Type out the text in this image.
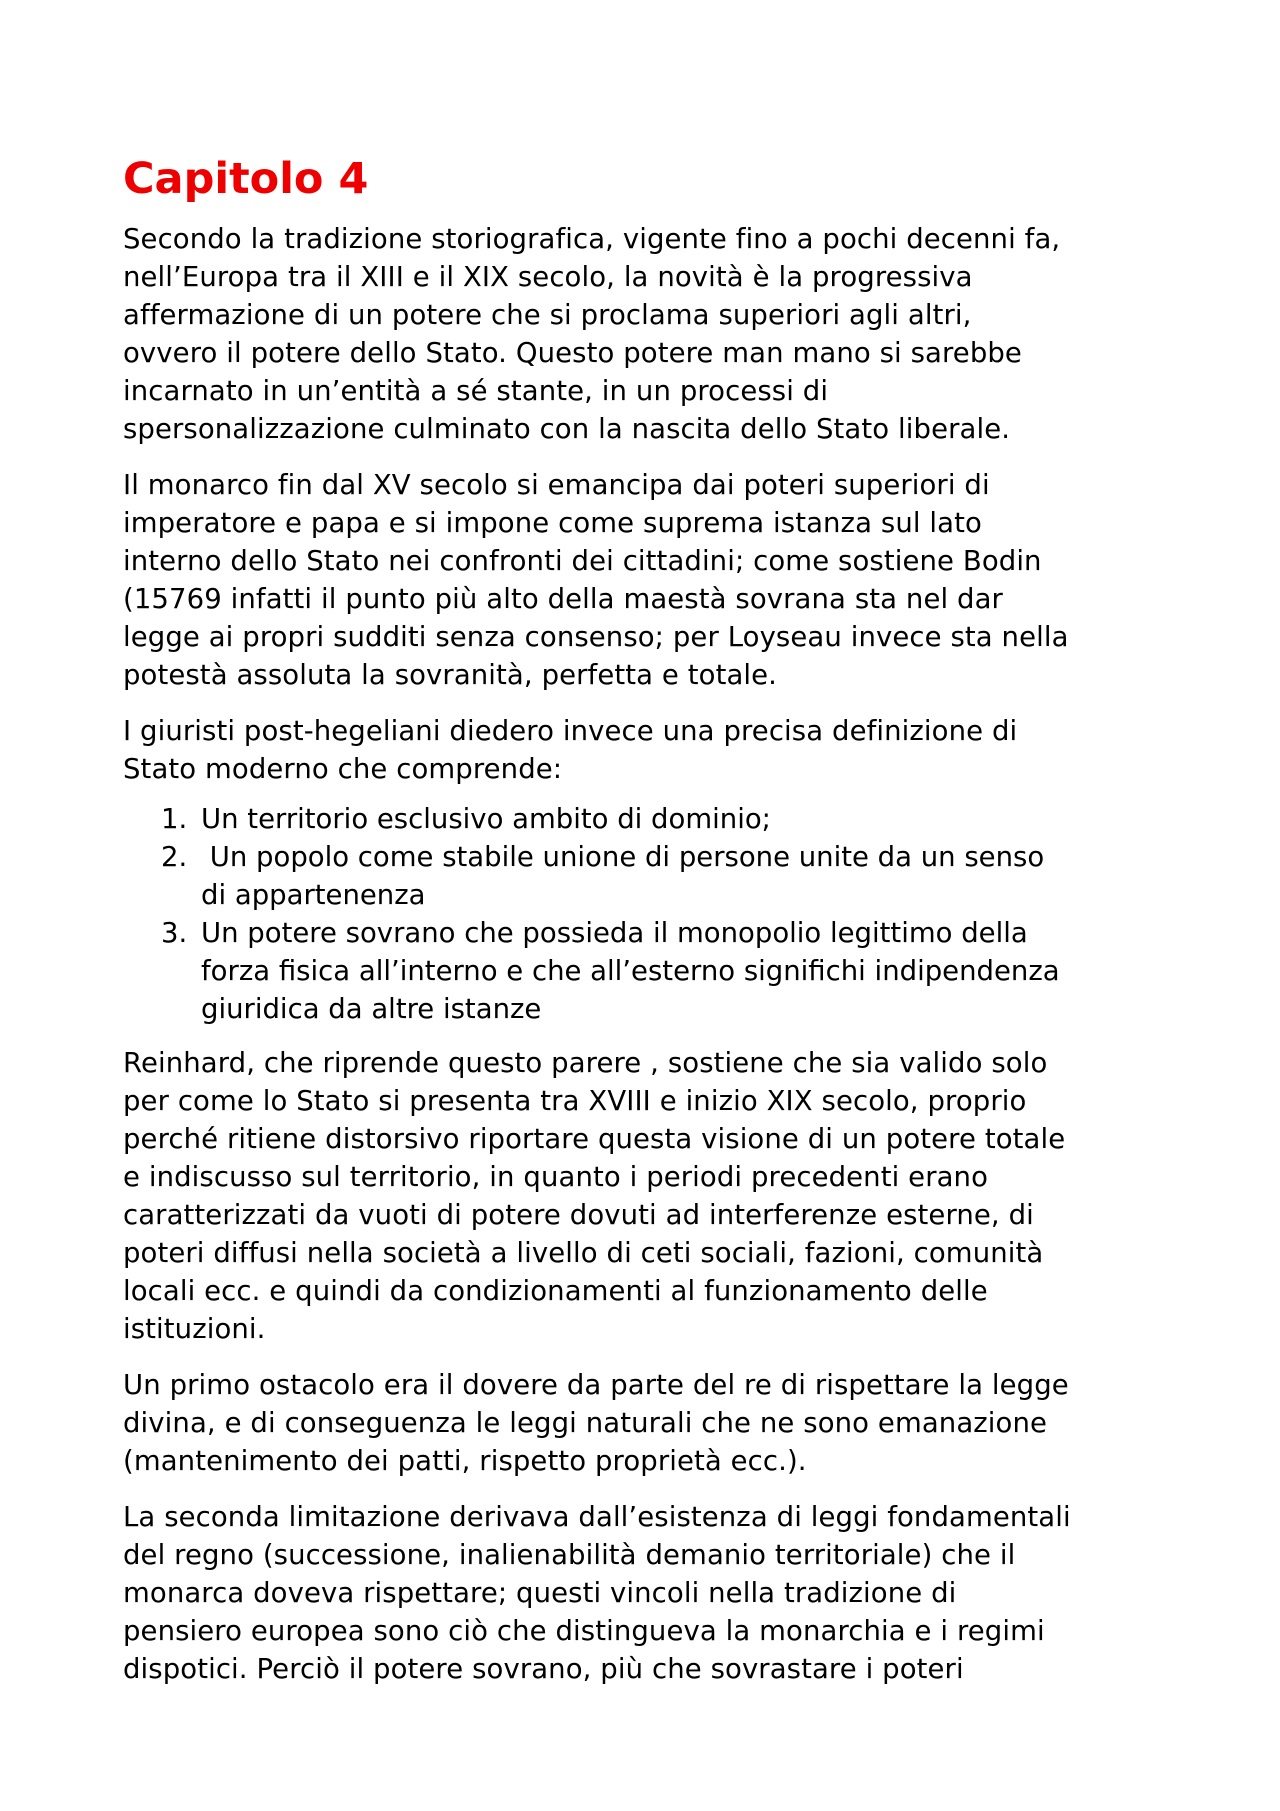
Capitolo 4

Secondo la tradizione storiografica, vigente fino a pochi decenni fa,
nell’Europa tra il XIII e il XIX secolo, la novità è la progressiva
affermazione di un potere che si proclama superiori agli altri,
ovvero il potere dello Stato. Questo potere man mano si sarebbe
incarnato in un’entità a sé stante, in un processi di
spersonalizzazione culminato con la nascita dello Stato liberale.

Il monarco fin dal XV secolo si emancipa dai poteri superiori di
imperatore e papa e si impone come suprema istanza sul lato
interno dello Stato nei confronti dei cittadini; come sostiene Bodin
(15769 infatti il punto più alto della maestà sovrana sta nel dar
legge ai propri sudditi senza consenso; per Loyseau invece sta nella
potestà assoluta la sovranità, perfetta e totale.

I giuristi post-hegeliani diedero invece una precisa definizione di
Stato moderno che comprende:

1. Un territorio esclusivo ambito di dominio;
2. Un popolo come stabile unione di persone unite da un senso
di appartenenza
3. Un potere sovrano che possieda il monopolio legittimo della
forza fisica all’interno e che all’esterno significhi indipendenza
giuridica da altre istanze

Reinhard, che riprende questo parere , sostiene che sia valido solo
per come lo Stato si presenta tra XVIII e inizio XIX secolo, proprio
perché ritiene distorsivo riportare questa visione di un potere totale
e indiscusso sul territorio, in quanto i periodi precedenti erano
caratterizzati da vuoti di potere dovuti ad interferenze esterne, di
poteri diffusi nella società a livello di ceti sociali, fazioni, comunità
locali ecc. e quindi da condizionamenti al funzionamento delle
istituzioni.

Un primo ostacolo era il dovere da parte del re di rispettare la legge
divina, e di conseguenza le leggi naturali che ne sono emanazione
(mantenimento dei patti, rispetto proprietà ecc.).

La seconda limitazione derivava dall’esistenza di leggi fondamentali
del regno (successione, inalienabilità demanio territoriale) che il
monarca doveva rispettare; questi vincoli nella tradizione di
pensiero europea sono ciò che distingueva la monarchia e i regimi
dispotici. Perciò il potere sovrano, più che sovrastare i poteri
